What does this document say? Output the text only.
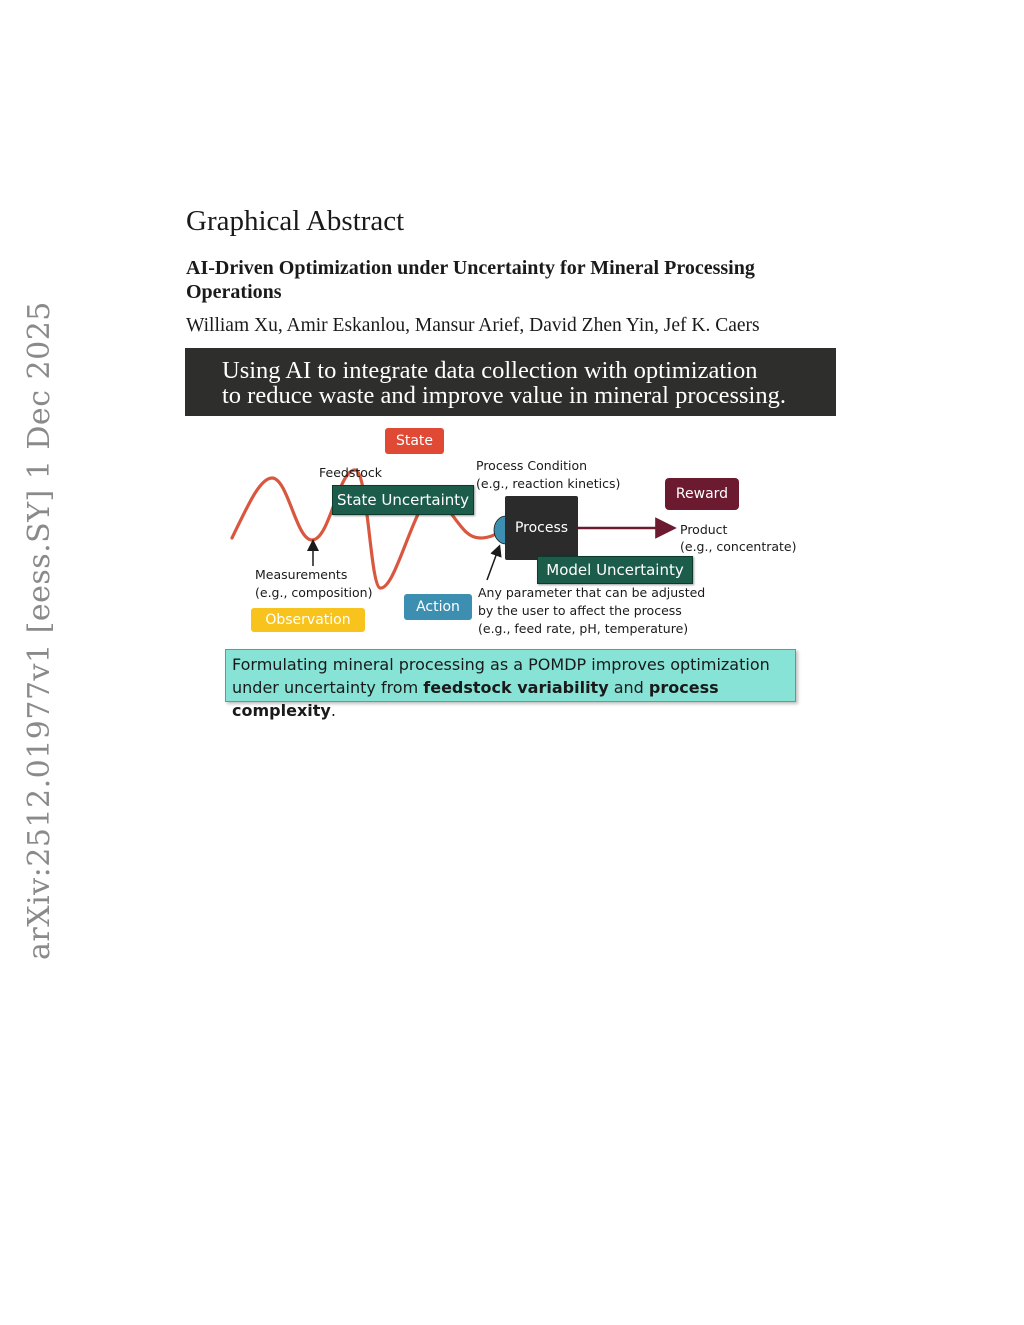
arXiv:2512.01977v1 [eess.SY] 1 Dec 2025
Graphical Abstract
AI-Driven Optimization under Uncertainty for Mineral Processing Operations
William Xu, Amir Eskanlou, Mansur Arief, David Zhen Yin, Jef K. Caers
Using AI to integrate data collection with optimization
to reduce waste and improve value in mineral processing.
State
Feedstock
State Uncertainty
Process Condition
(e.g., reaction kinetics)
Reward
Process	Product
(e.g., concentrate)
Model Uncertainty
Measurements
(e.g., composition)
Observation
Action
Any parameter that can be adjusted
by the user to affect the process
(e.g., feed rate, pH, temperature)
Formulating mineral processing as a POMDP improves optimization under uncertainty from feedstock variability and process complexity.
